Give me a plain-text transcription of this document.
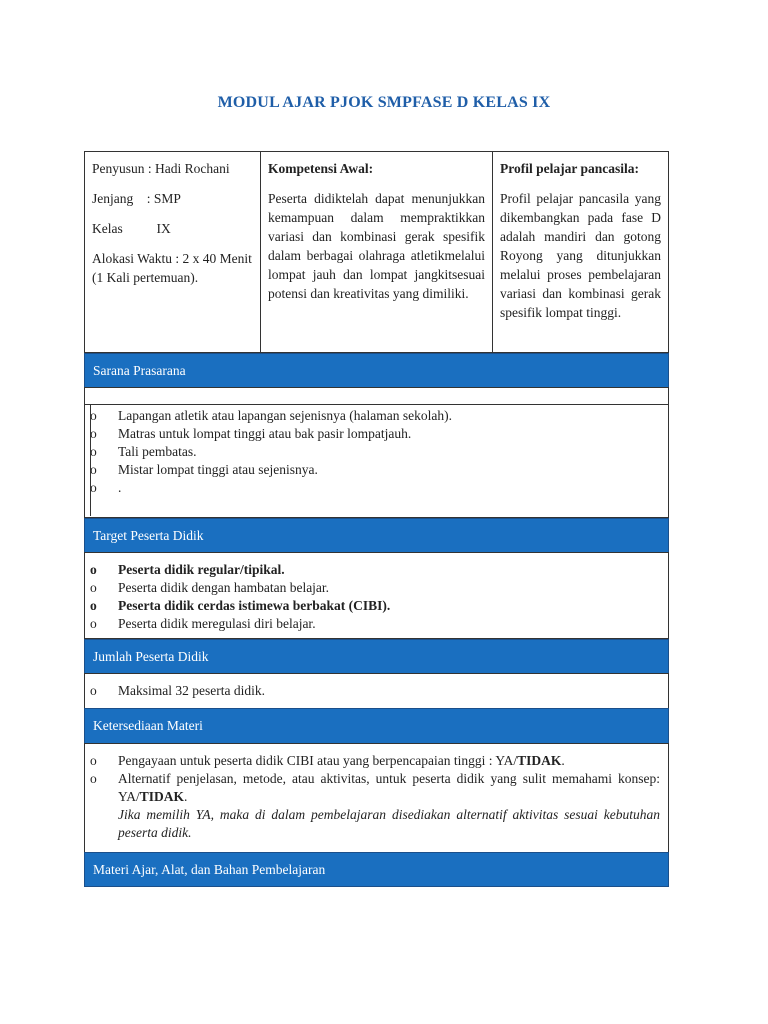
MODUL AJAR PJOK SMPFASE D KELAS IX
Penyusun : Hadi Rochani
Jenjang    : SMP
Kelas          IX
Alokasi Waktu : 2 x 40 Menit (1 Kali pertemuan).
Kompetensi Awal:
Peserta didiktelah dapat menunjukkan kemampuan dalam mempraktikkan variasi dan kombinasi gerak spesifik dalam berbagai olahraga atletikmelalui lompat jauh dan lompat jangkitsesuai potensi dan kreativitas yang dimiliki.
Profil pelajar pancasila:
Profil pelajar pancasila yang dikembangkan pada fase D adalah mandiri dan gotong Royong yang ditunjukkan melalui proses pembelajaran variasi dan kombinasi gerak spesifik lompat tinggi.
Sarana Prasarana
o Lapangan atletik atau lapangan sejenisnya (halaman sekolah).
o Matras untuk lompat tinggi atau bak pasir lompatjauh.
o Tali pembatas.
o Mistar lompat tinggi atau sejenisnya.
o .
Target Peserta Didik
o Peserta didik regular/tipikal.
o Peserta didik dengan hambatan belajar.
o Peserta didik cerdas istimewa berbakat (CIBI).
o Peserta didik meregulasi diri belajar.
Jumlah Peserta Didik
o Maksimal 32 peserta didik.
Ketersediaan Materi
o Pengayaan untuk peserta didik CIBI atau yang berpencapaian tinggi : YA/TIDAK.
o Alternatif penjelasan, metode, atau aktivitas, untuk peserta didik yang sulit memahami konsep: YA/TIDAK.
Jika memilih YA, maka di dalam pembelajaran disediakan alternatif aktivitas sesuai kebutuhan peserta didik.
Materi Ajar, Alat, dan Bahan Pembelajaran
